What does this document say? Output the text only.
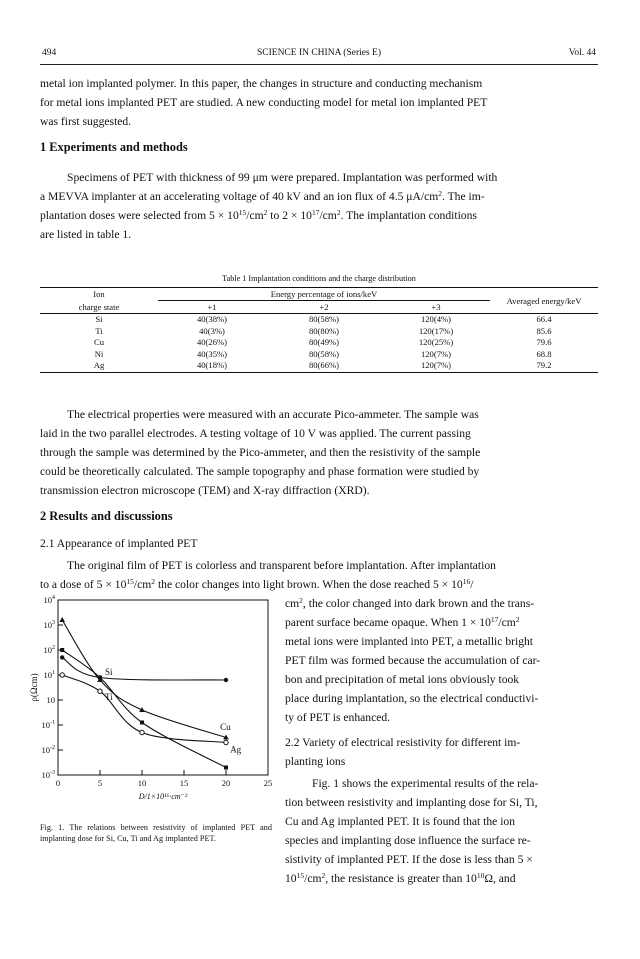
494	SCIENCE IN CHINA (Series E)	Vol. 44

metal ion implanted polymer. In this paper, the changes in structure and conducting mechanism

for metal ions implanted PET are studied. A new conducting model for metal ion implanted PET

was first suggested.

1 Experiments and methods

Specimens of PET with thickness of 99 μm were prepared. Implantation was performed with

a MEVVA implanter at an accelerating voltage of 40 kV and an ion flux of 4.5 $\mu A/cm^2$. The im-

plantation doses were selected from $5 \times 10^{15}/cm^2$ to $2 \times 10^{17}/cm^2$. The implantation conditions

are listed in table 1.

Table 1 Implantation conditions and the charge distribution
Ion	Energy percentage of ions/keV			Averaged energy/keV
charge state	+1	+2	+3	
Si	40(38%)	80(58%)	120(4%)	66.4
Ti	40(3%)	80(80%)	120(17%)	85.6
Cu	40(26%)	80(49%)	120(25%)	79.6
Ni	40(35%)	80(58%)	120(7%)	68.8
Ag	40(18%)	80(66%)	120(7%)	79.2

The electrical properties were measured with an accurate Pico-ammeter. The sample was

laid in the two parallel electrodes. A testing voltage of 10 V was applied. The current passing

through the sample was determined by the Pico-ammeter, and then the resistivity of the sample

could be theoretically calculated. The sample topography and phase formation were studied by

transmission electron microscope (TEM) and X-ray diffraction (XRD).

2 Results and discussions
2.1 Appearance of implanted PET

The original film of PET is colorless and transparent before implantation. After implantation

to a dose of $5 \times 10^{15}/cm^2$ the color changes into light brown. When the dose reached $5 \times 10^{16}/$

$cm^2$, the color changed into dark brown and the trans-

parent surface became opaque. When $1 \times 10^{17}/cm^2$

metal ions were implanted into PET, a metallic bright

PET film was formed because the accumulation of car-

bon and precipitation of metal ions obviously took

place during implantation, so the electrical conductivi-

ty of PET is enhanced.

2.2 Variety of electrical resistivity for different im-
planting ions

Fig. 1 shows the experimental results of the rela-

tion between resistivity and implanting dose for Si, Ti,

Cu and Ag implanted PET. It is found that the ion

species and implanting dose influence the surface re-

sistivity of implanted PET. If the dose is less than 5 ×

$10^{15}/cm^2$, the resistance is greater than $10^{10}\Omega$, and

$10^4$
$10^3$
$10^2$
$10^1$
10
$10^{-1}$
$10^{-2}$
$10^{-3}$
0	5	10	15	20	25
D/1×10¹⁶·cm⁻²
ρ(Ωcm)
Si
Ti
Cu
Ag
Fig. 1. The relations between resistivity of implanted PET and implanting dose for Si, Cu, Ti and Ag implanted PET.
